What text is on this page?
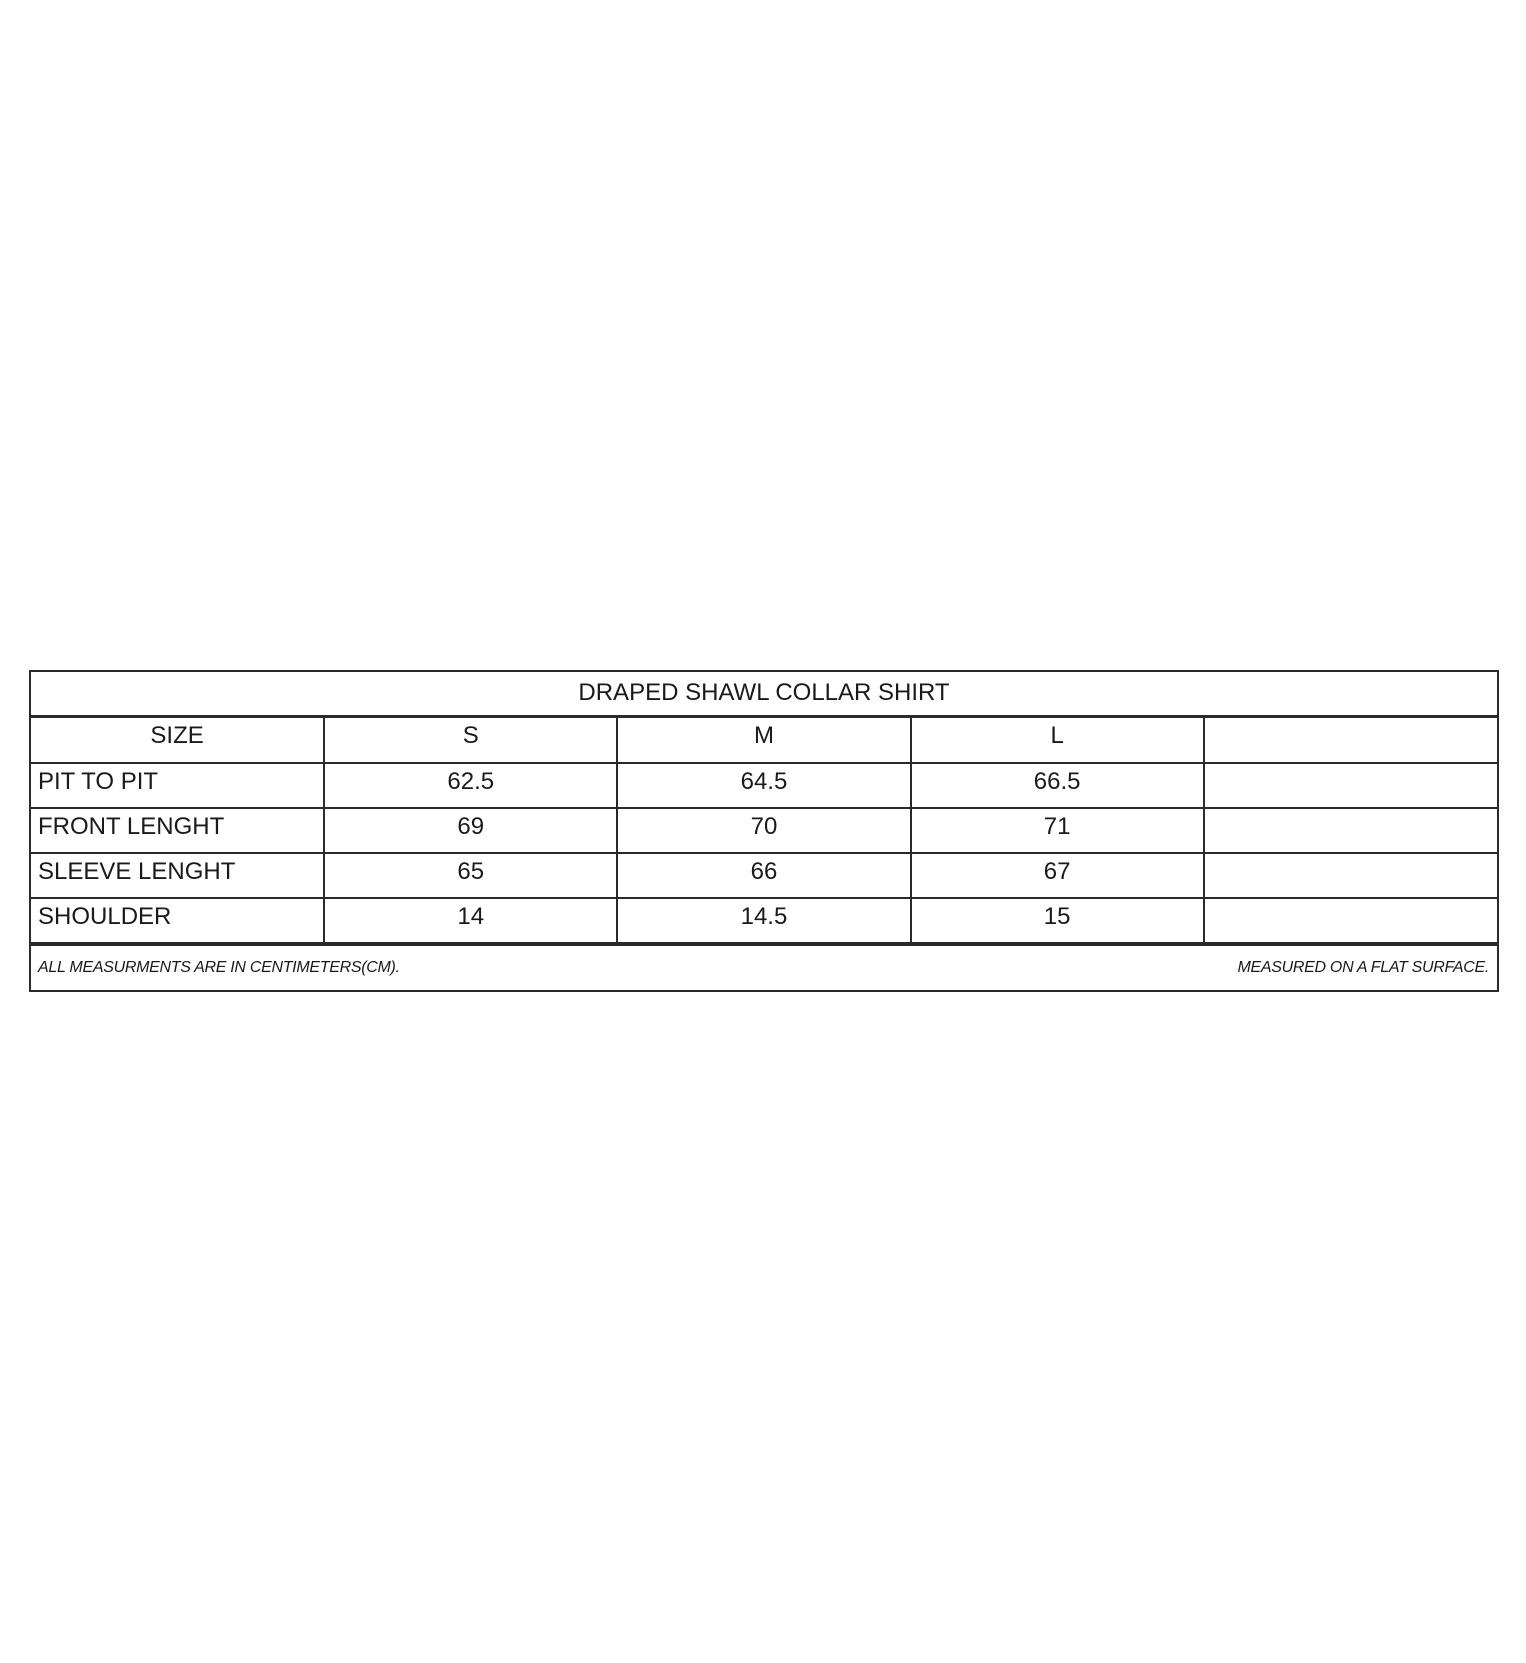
DRAPED SHAWL COLLAR SHIRT
SIZE	S	M	L	
PIT TO PIT	62.5	64.5	66.5	
FRONT LENGHT	69	70	71	
SLEEVE LENGHT	65	66	67	
SHOULDER	14	14.5	15	
ALL MEASURMENTS ARE IN CENTIMETERS(CM).	MEASURED ON A FLAT SURFACE.
